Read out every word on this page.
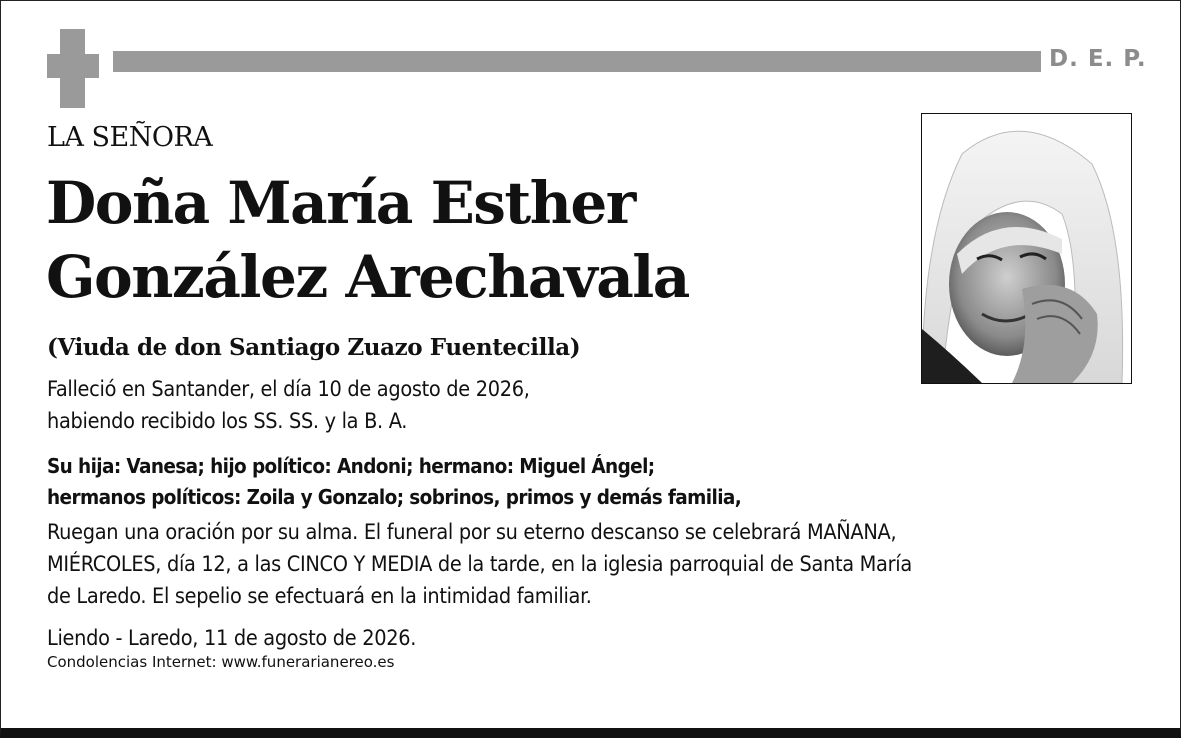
D. E. P.
LA SEÑORA
Doña María Esther
González Arechavala
(Viuda de don Santiago Zuazo Fuentecilla)
Falleció en Santander, el día 10 de agosto de 2026,
habiendo recibido los SS. SS. y la B. A.
Su hija: Vanesa; hijo político: Andoni; hermano: Miguel Ángel;
hermanos políticos: Zoila y Gonzalo; sobrinos, primos y demás familia,
Ruegan una oración por su alma. El funeral por su eterno descanso se celebrará MAÑANA,
MIÉRCOLES, día 12, a las CINCO Y MEDIA de la tarde, en la iglesia parroquial de Santa María
de Laredo. El sepelio se efectuará en la intimidad familiar.
Liendo - Laredo, 11 de agosto de 2026.
Condolencias Internet: www.funerarianereo.es
